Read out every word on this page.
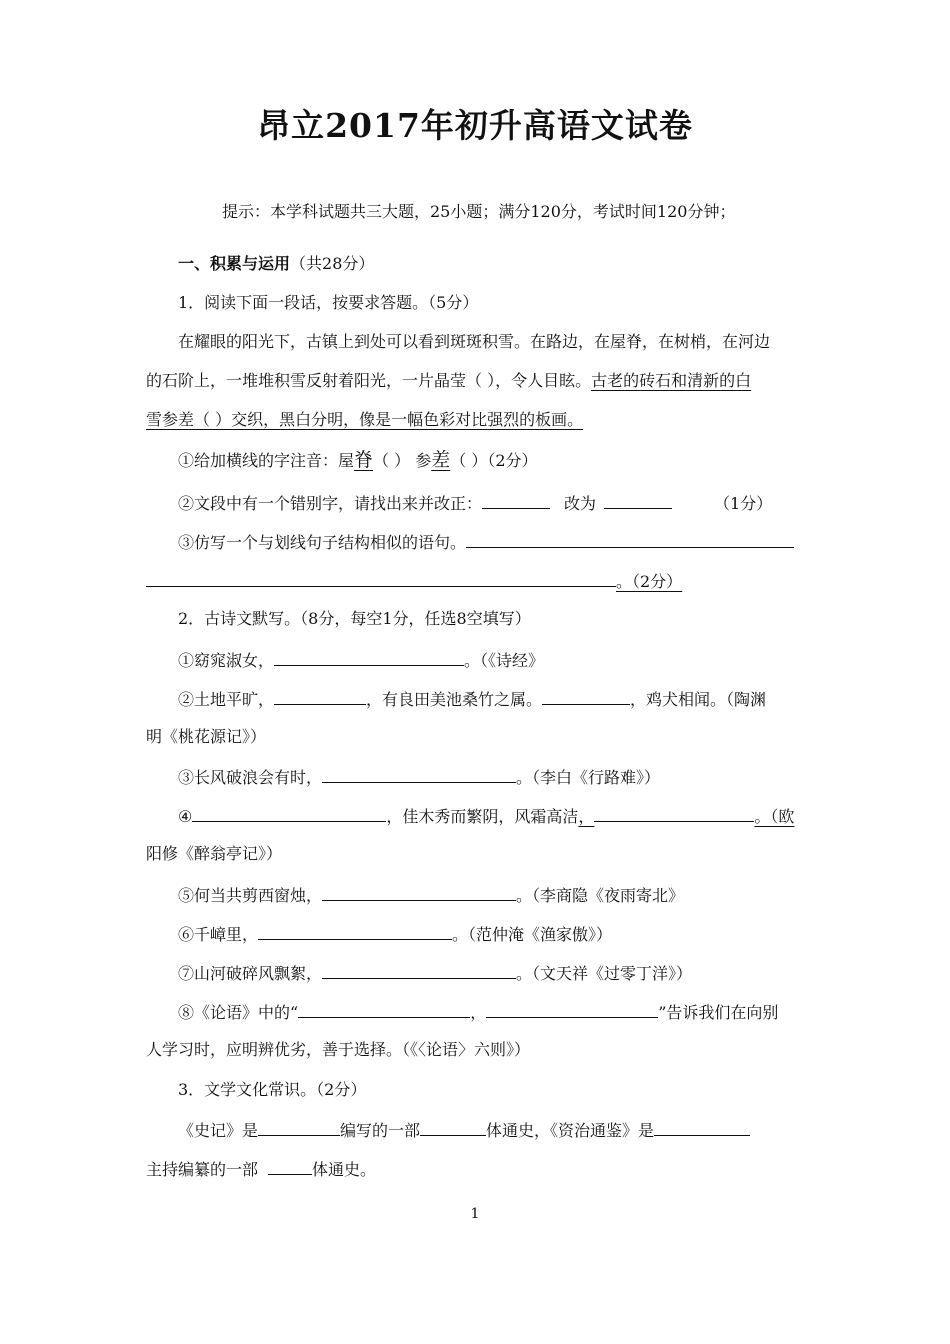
昂立2017年初升高语文试卷
提示：本学科试题共三大题，25小题；满分120分，考试时间120分钟；
一、积累与运用（共28分）
1．阅读下面一段话，按要求答题。（5分）
在耀眼的阳光下，古镇上到处可以看到斑斑积雪。在路边，在屋脊，在树梢，在河边
的石阶上，一堆堆积雪反射着阳光，一片晶莹（ ），令人目眩。古老的砖石和清新的白
雪参差（ ）交织，黑白分明，像是一幅色彩对比强烈的板画。
①给加横线的字注音：屋脊（ ） 参差（ ）（2分）
②文段中有一个错别字，请找出来并改正：	改为	（1分）
③仿写一个与划线句子结构相似的语句。
。（2分）
2．古诗文默写。（8分，每空1分，任选8空填写）
①窈窕淑女，	。（《诗经》
②土地平旷，	，有良田美池桑竹之属。	，鸡犬相闻。（陶渊
明《桃花源记》）
③长风破浪会有时，	。（李白《行路难》）
④	，佳木秀而繁阴，风霜高洁，	。（欧
阳修《醉翁亭记》）
⑤何当共剪西窗烛，	。（李商隐《夜雨寄北》
⑥千嶂里，	。（范仲淹《渔家傲》）
⑦山河破碎风飘絮，	。（文天祥《过零丁洋》）
⑧《论语》中的“	，	”告诉我们在向别
人学习时，应明辨优劣，善于选择。（《〈论语〉六则》）
3．文学文化常识。（2分）
《史记》是	编写的一部	体通史，《资治通鉴》是
主持编纂的一部	体通史。
1
